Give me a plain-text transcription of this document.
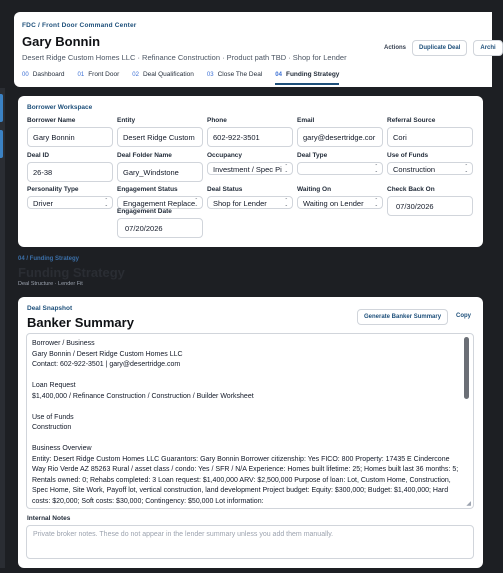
FDC / Front Door Command Center
Gary Bonnin
Desert Ridge Custom Homes LLC · Refinance Construction · Product path TBD · Shop for Lender
Actions	Duplicate Deal	Archi
00 Dashboard 01 Front Door 02 Deal Qualification 03 Close The Deal 04 Funding Strategy
Borrower Workspace
Borrower Name
Gary Bonnin
Entity
Desert Ridge Custom
Phone
602-922-3501
Email
gary@desertridge.cor
Referral Source
Cori
Deal ID
26-38
Deal Folder Name
Gary_Windstone
Occupancy
Investment / Spec Pi ⌃ ⌄
Deal Type
⌃ ⌄	Use of Funds
Construction ⌃ ⌄
Personality Type
Driver ⌃ ⌄
Engagement Status
Engagement Replace ⌃ ⌄
Deal Status
Shop for Lender ⌃ ⌄
Waiting On
Waiting on Lender ⌃ ⌄
Check Back On
07/30/2026
Engagement Date
07/20/2026
04 / Funding Strategy
Funding Strategy
Deal Structure · Lender Fit
Deal Snapshot
Banker Summary	Generate Banker Summary	Copy

Borrower / Business

Gary Bonnin / Desert Ridge Custom Homes LLC

Contact: 602-922-3501 | gary@desertridge.com

Loan Request

$1,400,000 / Refinance Construction / Construction / Builder Worksheet

Use of Funds

Construction

Business Overview

Entity: Desert Ridge Custom Homes LLC Guarantors: Gary Bonnin Borrower citizenship: Yes FICO: 800 Property: 17435 E Cindercone Way Rio Verde AZ 85263 Rural / asset class / condo: Yes / SFR / N/A Experience: Homes built lifetime: 25; Homes built last 36 months: 5; Rentals owned: 0; Rehabs completed: 3 Loan request: $1,400,000 ARV: $2,500,000 Purpose of loan: Lot, Custom Home, Construction, Spec Home, Site Work, Payoff lot, vertical construction, land development Project budget: Equity: $300,000; Budget: $1,400,000; Hard costs: $20,000; Soft costs: $30,000; Contingency: $50,000 Lot information:	◢
Internal Notes
Private broker notes. These do not appear in the lender summary unless you add them manually.
